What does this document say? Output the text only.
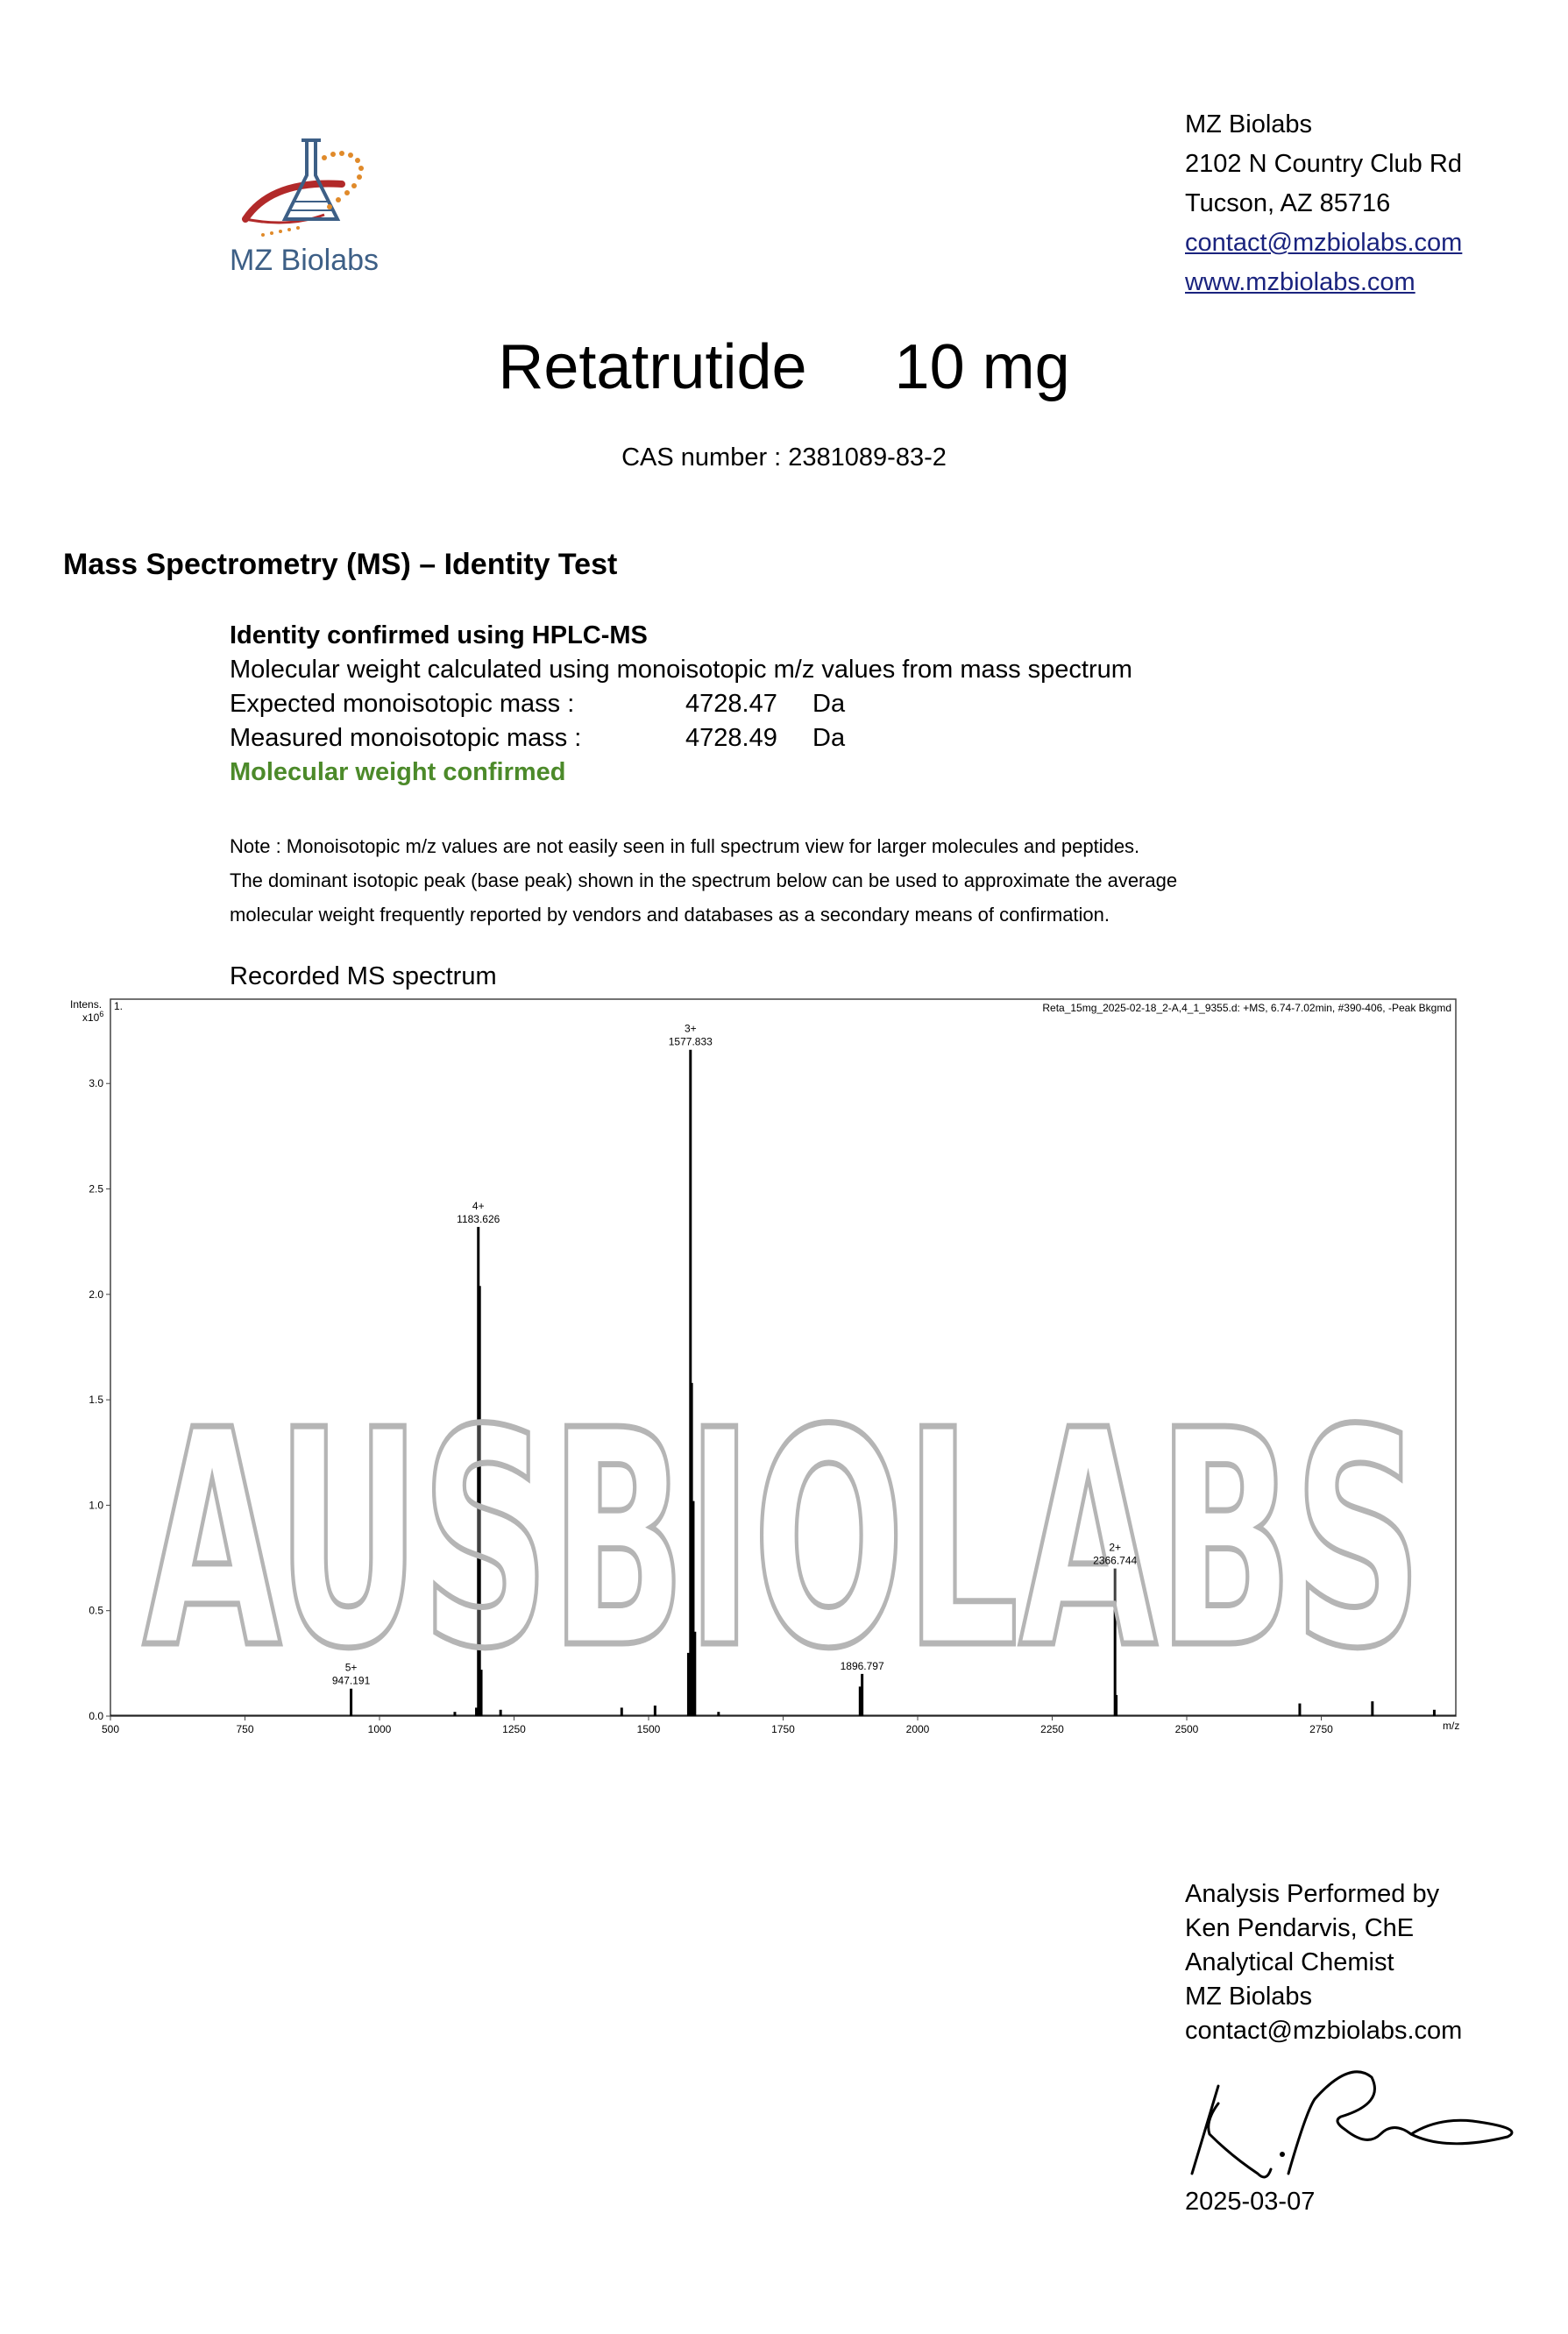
MZ Biolabs
MZ Biolabs
2102 N Country Club Rd
Tucson, AZ 85716
contact@mzbiolabs.com
www.mzbiolabs.com
Retatrutide     10 mg
CAS number : 2381089-83-2
Mass Spectrometry (MS) – Identity Test
Identity confirmed using HPLC-MS
Molecular weight calculated using monoisotopic m/z values from mass spectrum
Expected monoisotopic mass :	4728.47 Da
Measured monoisotopic mass :	4728.49 Da
Molecular weight confirmed
Note : Monoisotopic m/z values are not easily seen in full spectrum view for larger molecules and peptides.
The dominant isotopic peak (base peak) shown in the spectrum below can be used to approximate the average
molecular weight frequently reported by vendors and databases as a secondary means of confirmation.
Recorded MS spectrum
Intens.
$x10^6$
1.	Reta_15mg_2025-02-18_2-A,4_1_9355.d: +MS, 6.74-7.02min, #390-406, -Peak Bkgmd
m/z
500	750	1000	1250	1500	1750	2000	2250	2500	2750
0.0
0.5
1.0
1.5
2.0
2.5
3.0
AUSBIOLABS
5+
947.191
4+
1183.626
3+
1577.833
1896.797
2+
2366.744
Analysis Performed by
Ken Pendarvis, ChE
Analytical Chemist
MZ Biolabs
contact@mzbiolabs.com
2025-03-07
